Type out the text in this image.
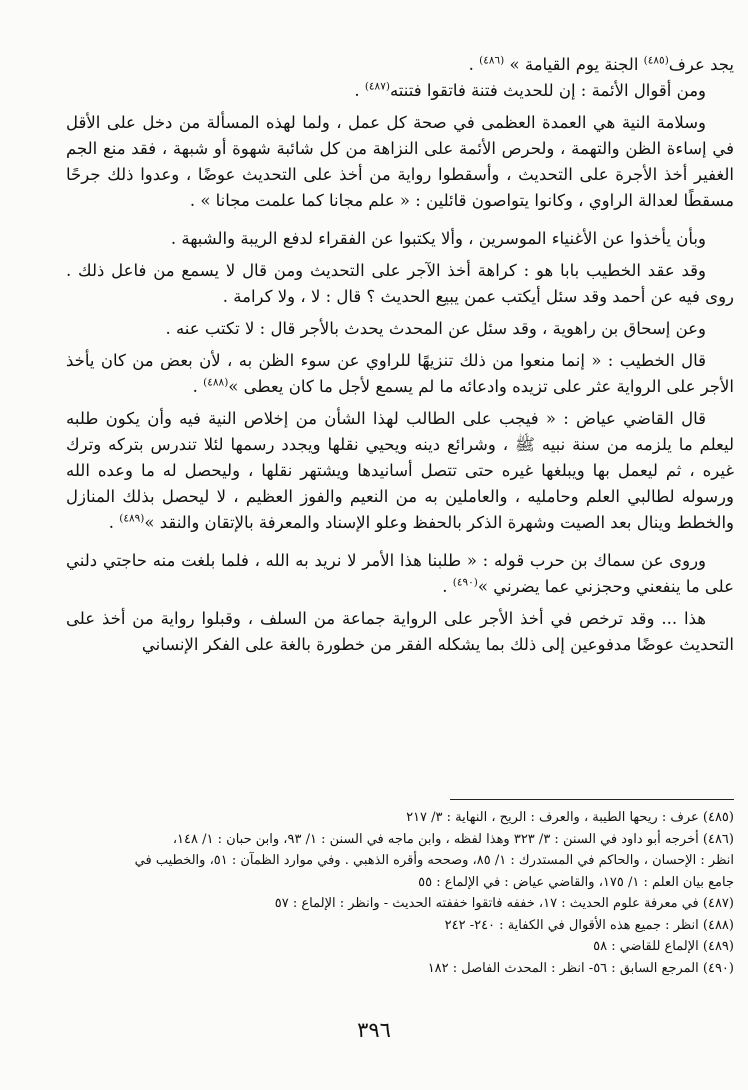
يجد عرف$^{(٤٨٥)}$ الجنة يوم القيامة » $^{(٤٨٦)}$ .

ومن أقوال الأئمة : إن للحديث فتنة فاتقوا فتنته$^{(٤٨٧)}$ .

وسلامة النية هي العمدة العظمى في صحة كل عمل ، ولما لهذه المسألة من دخل على الأقل في إساءة الظن والتهمة ، ولحرص الأئمة على النزاهة من كل شائبة شهوة أو شبهة ، فقد منع الجم الغفير أخذ الأجرة على التحديث ، وأسقطوا رواية من أخذ على التحديث عوضًا ، وعدوا ذلك جرحًا مسقطًا لعدالة الراوي ، وكانوا يتواصون قائلين : « علم مجانا كما علمت مجانا » .

وبأن يأخذوا عن الأغنياء الموسرين ، وألا يكتبوا عن الفقراء لدفع الريبة والشبهة .

وقد عقد الخطيب بابا هو : كراهة أخذ الآجر على التحديث ومن قال لا يسمع من فاعل ذلك . روى فيه عن أحمد وقد سئل أيكتب عمن يبيع الحديث ؟ قال : لا ، ولا كرامة .

وعن إسحاق بن راهوية ، وقد سئل عن المحدث يحدث بالأجر قال : لا تكتب عنه .

قال الخطيب : « إنما منعوا من ذلك تنزيهًا للراوي عن سوء الظن به ، لأن بعض من كان يأخذ الأجر على الرواية عثر على تزيده وادعائه ما لم يسمع لأجل ما كان يعطى »$^{(٤٨٨)}$ .

قال القاضي عياض : « فيجب على الطالب لهذا الشأن من إخلاص النية فيه وأن يكون طلبه ليعلم ما يلزمه من سنة نبيه ﷺ ، وشرائع دينه ويحيي نقلها ويجدد رسمها لئلا تندرس بتركه وترك غيره ، ثم ليعمل بها ويبلغها غيره حتى تتصل أسانيدها ويشتهر نقلها ، وليحصل له ما وعده الله ورسوله لطالبي العلم وحامليه ، والعاملين به من النعيم والفوز العظيم ، لا ليحصل بذلك المنازل والخطط وينال بعد الصيت وشهرة الذكر بالحفظ وعلو الإسناد والمعرفة بالإتقان والنقد »$^{(٤٨٩)}$ .

وروى عن سماك بن حرب قوله : « طلبنا هذا الأمر لا نريد به الله ، فلما بلغت منه حاجتي دلني على ما ينفعني وحجزني عما يضرني »$^{(٤٩٠)}$ .

هذا ... وقد ترخص في أخذ الأجر على الرواية جماعة من السلف ، وقبلوا رواية من أخذ على التحديث عوضًا مدفوعين إلى ذلك بما يشكله الفقر من خطورة بالغة على الفكر الإنساني

(٤٨٥) عرف : ريحها الطيبة ، والعرف : الريح ، النهاية : ٣/ ٢١٧

(٤٨٦) أخرجه أبو داود في السنن : ٣/ ٣٢٣ وهذا لفظه ، وابن ماجه في السنن : ١/ ٩٣، وابن حبان : ١/ ١٤٨،

انظر : الإحسان ، والحاكم في المستدرك : ١/ ٨٥، وصححه وأقره الذهبي . وفي موارد الظمآن : ٥١، والخطيب في

جامع بيان العلم : ١/ ١٧٥، والقاضي عياض : في الإلماع : ٥٥

(٤٨٧) في معرفة علوم الحديث : ١٧، خففه فاتقوا خففته الحديث - وانظر : الإلماع : ٥٧

(٤٨٨) انظر : جميع هذه الأقوال في الكفاية : ٢٤٠- ٢٤٢

(٤٨٩) الإلماع للقاضي : ٥٨

(٤٩٠) المرجع السابق : ٥٦- انظر : المحدث الفاصل : ١٨٢

٣٩٦
